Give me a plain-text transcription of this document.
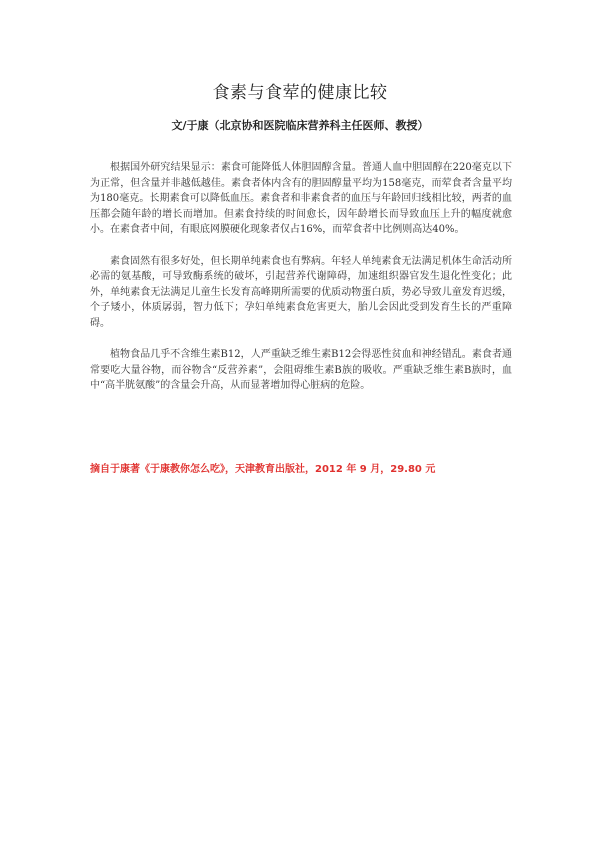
食素与食荤的健康比较
文/于康（北京协和医院临床营养科主任医师、教授）

根据国外研究结果显示：素食可能降低人体胆固醇含量。普通人血中胆固醇在220毫克以下为正常，但含量并非越低越佳。素食者体内含有的胆固醇量平均为158毫克，而荤食者含量平均为180毫克。长期素食可以降低血压。素食者和非素食者的血压与年龄回归线相比较，两者的血压都会随年龄的增长而增加。但素食持续的时间愈长，因年龄增长而导致血压上升的幅度就愈小。在素食者中间，有眼底网膜硬化现象者仅占16%，而荤食者中比例则高达40%。

素食固然有很多好处，但长期单纯素食也有弊病。年轻人单纯素食无法满足机体生命活动所必需的氨基酸，可导致酶系统的破坏，引起营养代谢障碍，加速组织器官发生退化性变化；此外，单纯素食无法满足儿童生长发育高峰期所需要的优质动物蛋白质，势必导致儿童发育迟缓，个子矮小，体质孱弱，智力低下；孕妇单纯素食危害更大，胎儿会因此受到发育生长的严重障碍。

植物食品几乎不含维生素B12，人严重缺乏维生素B12会得恶性贫血和神经错乱。素食者通常要吃大量谷物，而谷物含“反营养素”，会阻碍维生素B族的吸收。严重缺乏维生素B族时，血中“高半胱氨酸”的含量会升高，从而显著增加得心脏病的危险。

摘自于康著《于康教你怎么吃》，天津教育出版社，2012 年 9 月，29.80 元
